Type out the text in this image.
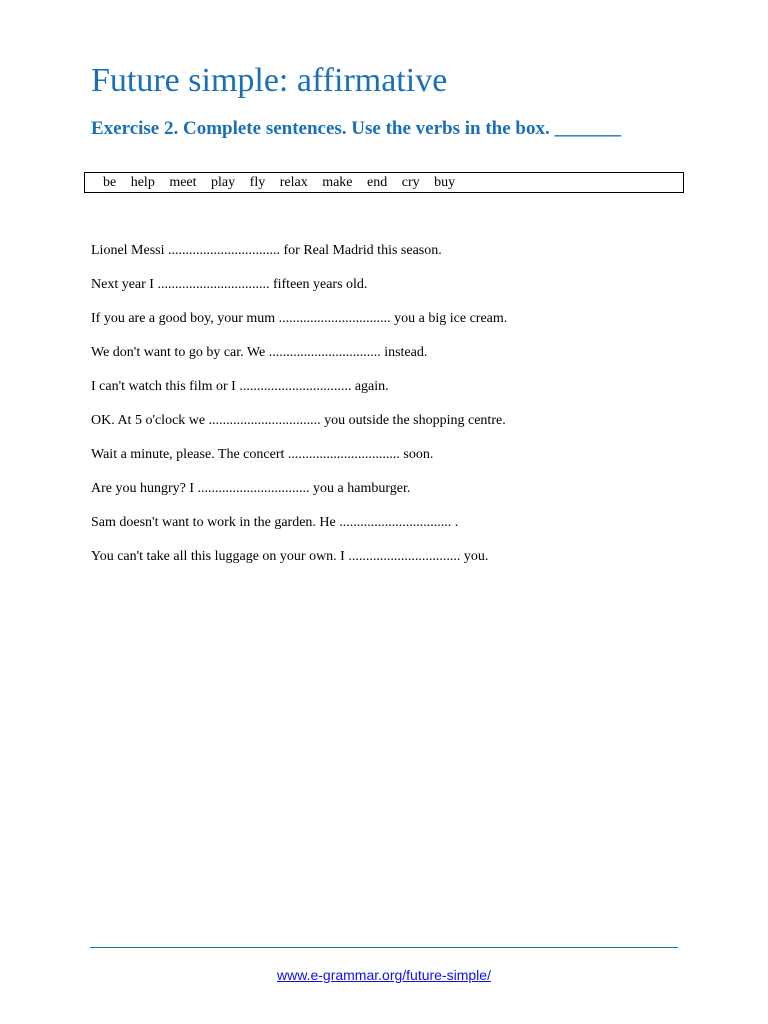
Future simple: affirmative
Exercise 2. Complete sentences. Use the verbs in the box. _______
be help meet play fly relax make end cry buy
Lionel Messi ................................ for Real Madrid this season.
Next year I ................................ fifteen years old.
If you are a good boy, your mum ................................ you a big ice cream.
We don't want to go by car. We ................................ instead.
I can't watch this film or I ................................ again.
OK. At 5 o'clock we ................................ you outside the shopping centre.
Wait a minute, please. The concert ................................ soon.
Are you hungry? I ................................ you a hamburger.
Sam doesn't want to work in the garden. He ................................ .
You can't take all this luggage on your own. I ................................ you.
www.e-grammar.org/future-simple/
